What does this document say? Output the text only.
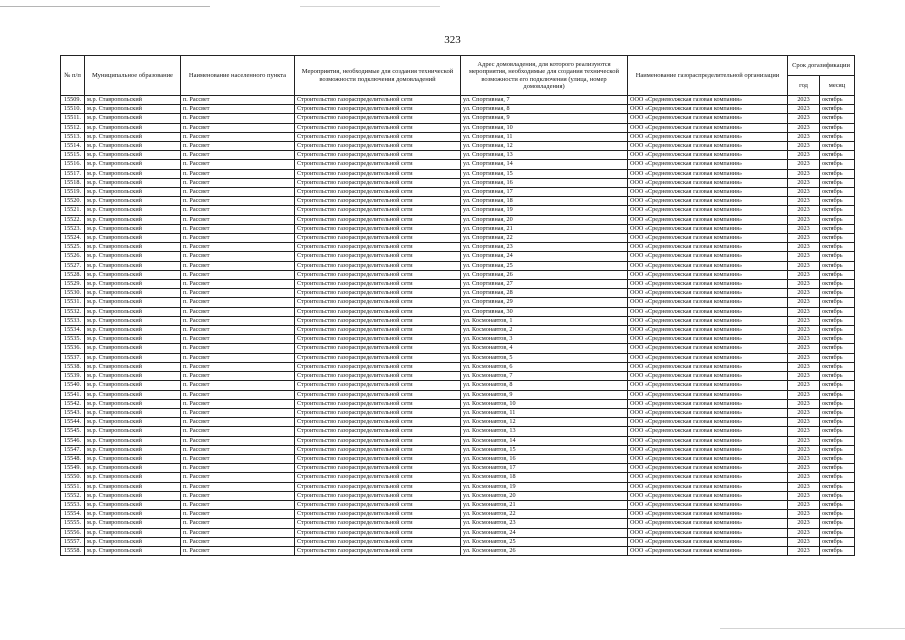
323
№ п/п	Муниципальное образование	Наименование населенного пункта	Мероприятия, необходимые для создания технической возможности подключения домовладений	Адрес домовладения, для которого реализуются мероприятия, необходимые для создания технической возможности его подключения (улица, номер домовладения)	Наименование газораспределительной организации	Срок догазификации	
						год	месяц
15509.	м.р. Ставропольский	п. Рассвет	Строительство газораспределительной сети	ул. Спортивная, 7	ООО «Средневолжская газовая компания»	2023	октябрь
15510.	м.р. Ставропольский	п. Рассвет	Строительство газораспределительной сети	ул. Спортивная, 8	ООО «Средневолжская газовая компания»	2023	октябрь
15511.	м.р. Ставропольский	п. Рассвет	Строительство газораспределительной сети	ул. Спортивная, 9	ООО «Средневолжская газовая компания»	2023	октябрь
15512.	м.р. Ставропольский	п. Рассвет	Строительство газораспределительной сети	ул. Спортивная, 10	ООО «Средневолжская газовая компания»	2023	октябрь
15513.	м.р. Ставропольский	п. Рассвет	Строительство газораспределительной сети	ул. Спортивная, 11	ООО «Средневолжская газовая компания»	2023	октябрь
15514.	м.р. Ставропольский	п. Рассвет	Строительство газораспределительной сети	ул. Спортивная, 12	ООО «Средневолжская газовая компания»	2023	октябрь
15515.	м.р. Ставропольский	п. Рассвет	Строительство газораспределительной сети	ул. Спортивная, 13	ООО «Средневолжская газовая компания»	2023	октябрь
15516.	м.р. Ставропольский	п. Рассвет	Строительство газораспределительной сети	ул. Спортивная, 14	ООО «Средневолжская газовая компания»	2023	октябрь
15517.	м.р. Ставропольский	п. Рассвет	Строительство газораспределительной сети	ул. Спортивная, 15	ООО «Средневолжская газовая компания»	2023	октябрь
15518.	м.р. Ставропольский	п. Рассвет	Строительство газораспределительной сети	ул. Спортивная, 16	ООО «Средневолжская газовая компания»	2023	октябрь
15519.	м.р. Ставропольский	п. Рассвет	Строительство газораспределительной сети	ул. Спортивная, 17	ООО «Средневолжская газовая компания»	2023	октябрь
15520.	м.р. Ставропольский	п. Рассвет	Строительство газораспределительной сети	ул. Спортивная, 18	ООО «Средневолжская газовая компания»	2023	октябрь
15521.	м.р. Ставропольский	п. Рассвет	Строительство газораспределительной сети	ул. Спортивная, 19	ООО «Средневолжская газовая компания»	2023	октябрь
15522.	м.р. Ставропольский	п. Рассвет	Строительство газораспределительной сети	ул. Спортивная, 20	ООО «Средневолжская газовая компания»	2023	октябрь
15523.	м.р. Ставропольский	п. Рассвет	Строительство газораспределительной сети	ул. Спортивная, 21	ООО «Средневолжская газовая компания»	2023	октябрь
15524.	м.р. Ставропольский	п. Рассвет	Строительство газораспределительной сети	ул. Спортивная, 22	ООО «Средневолжская газовая компания»	2023	октябрь
15525.	м.р. Ставропольский	п. Рассвет	Строительство газораспределительной сети	ул. Спортивная, 23	ООО «Средневолжская газовая компания»	2023	октябрь
15526.	м.р. Ставропольский	п. Рассвет	Строительство газораспределительной сети	ул. Спортивная, 24	ООО «Средневолжская газовая компания»	2023	октябрь
15527.	м.р. Ставропольский	п. Рассвет	Строительство газораспределительной сети	ул. Спортивная, 25	ООО «Средневолжская газовая компания»	2023	октябрь
15528.	м.р. Ставропольский	п. Рассвет	Строительство газораспределительной сети	ул. Спортивная, 26	ООО «Средневолжская газовая компания»	2023	октябрь
15529.	м.р. Ставропольский	п. Рассвет	Строительство газораспределительной сети	ул. Спортивная, 27	ООО «Средневолжская газовая компания»	2023	октябрь
15530.	м.р. Ставропольский	п. Рассвет	Строительство газораспределительной сети	ул. Спортивная, 28	ООО «Средневолжская газовая компания»	2023	октябрь
15531.	м.р. Ставропольский	п. Рассвет	Строительство газораспределительной сети	ул. Спортивная, 29	ООО «Средневолжская газовая компания»	2023	октябрь
15532.	м.р. Ставропольский	п. Рассвет	Строительство газораспределительной сети	ул. Спортивная, 30	ООО «Средневолжская газовая компания»	2023	октябрь
15533.	м.р. Ставропольский	п. Рассвет	Строительство газораспределительной сети	ул. Космонавтов, 1	ООО «Средневолжская газовая компания»	2023	октябрь
15534.	м.р. Ставропольский	п. Рассвет	Строительство газораспределительной сети	ул. Космонавтов, 2	ООО «Средневолжская газовая компания»	2023	октябрь
15535.	м.р. Ставропольский	п. Рассвет	Строительство газораспределительной сети	ул. Космонавтов, 3	ООО «Средневолжская газовая компания»	2023	октябрь
15536.	м.р. Ставропольский	п. Рассвет	Строительство газораспределительной сети	ул. Космонавтов, 4	ООО «Средневолжская газовая компания»	2023	октябрь
15537.	м.р. Ставропольский	п. Рассвет	Строительство газораспределительной сети	ул. Космонавтов, 5	ООО «Средневолжская газовая компания»	2023	октябрь
15538.	м.р. Ставропольский	п. Рассвет	Строительство газораспределительной сети	ул. Космонавтов, 6	ООО «Средневолжская газовая компания»	2023	октябрь
15539.	м.р. Ставропольский	п. Рассвет	Строительство газораспределительной сети	ул. Космонавтов, 7	ООО «Средневолжская газовая компания»	2023	октябрь
15540.	м.р. Ставропольский	п. Рассвет	Строительство газораспределительной сети	ул. Космонавтов, 8	ООО «Средневолжская газовая компания»	2023	октябрь
15541.	м.р. Ставропольский	п. Рассвет	Строительство газораспределительной сети	ул. Космонавтов, 9	ООО «Средневолжская газовая компания»	2023	октябрь
15542.	м.р. Ставропольский	п. Рассвет	Строительство газораспределительной сети	ул. Космонавтов, 10	ООО «Средневолжская газовая компания»	2023	октябрь
15543.	м.р. Ставропольский	п. Рассвет	Строительство газораспределительной сети	ул. Космонавтов, 11	ООО «Средневолжская газовая компания»	2023	октябрь
15544.	м.р. Ставропольский	п. Рассвет	Строительство газораспределительной сети	ул. Космонавтов, 12	ООО «Средневолжская газовая компания»	2023	октябрь
15545.	м.р. Ставропольский	п. Рассвет	Строительство газораспределительной сети	ул. Космонавтов, 13	ООО «Средневолжская газовая компания»	2023	октябрь
15546.	м.р. Ставропольский	п. Рассвет	Строительство газораспределительной сети	ул. Космонавтов, 14	ООО «Средневолжская газовая компания»	2023	октябрь
15547.	м.р. Ставропольский	п. Рассвет	Строительство газораспределительной сети	ул. Космонавтов, 15	ООО «Средневолжская газовая компания»	2023	октябрь
15548.	м.р. Ставропольский	п. Рассвет	Строительство газораспределительной сети	ул. Космонавтов, 16	ООО «Средневолжская газовая компания»	2023	октябрь
15549.	м.р. Ставропольский	п. Рассвет	Строительство газораспределительной сети	ул. Космонавтов, 17	ООО «Средневолжская газовая компания»	2023	октябрь
15550.	м.р. Ставропольский	п. Рассвет	Строительство газораспределительной сети	ул. Космонавтов, 18	ООО «Средневолжская газовая компания»	2023	октябрь
15551.	м.р. Ставропольский	п. Рассвет	Строительство газораспределительной сети	ул. Космонавтов, 19	ООО «Средневолжская газовая компания»	2023	октябрь
15552.	м.р. Ставропольский	п. Рассвет	Строительство газораспределительной сети	ул. Космонавтов, 20	ООО «Средневолжская газовая компания»	2023	октябрь
15553.	м.р. Ставропольский	п. Рассвет	Строительство газораспределительной сети	ул. Космонавтов, 21	ООО «Средневолжская газовая компания»	2023	октябрь
15554.	м.р. Ставропольский	п. Рассвет	Строительство газораспределительной сети	ул. Космонавтов, 22	ООО «Средневолжская газовая компания»	2023	октябрь
15555.	м.р. Ставропольский	п. Рассвет	Строительство газораспределительной сети	ул. Космонавтов, 23	ООО «Средневолжская газовая компания»	2023	октябрь
15556.	м.р. Ставропольский	п. Рассвет	Строительство газораспределительной сети	ул. Космонавтов, 24	ООО «Средневолжская газовая компания»	2023	октябрь
15557.	м.р. Ставропольский	п. Рассвет	Строительство газораспределительной сети	ул. Космонавтов, 25	ООО «Средневолжская газовая компания»	2023	октябрь
15558.	м.р. Ставропольский	п. Рассвет	Строительство газораспределительной сети	ул. Космонавтов, 26	ООО «Средневолжская газовая компания»	2023	октябрь
